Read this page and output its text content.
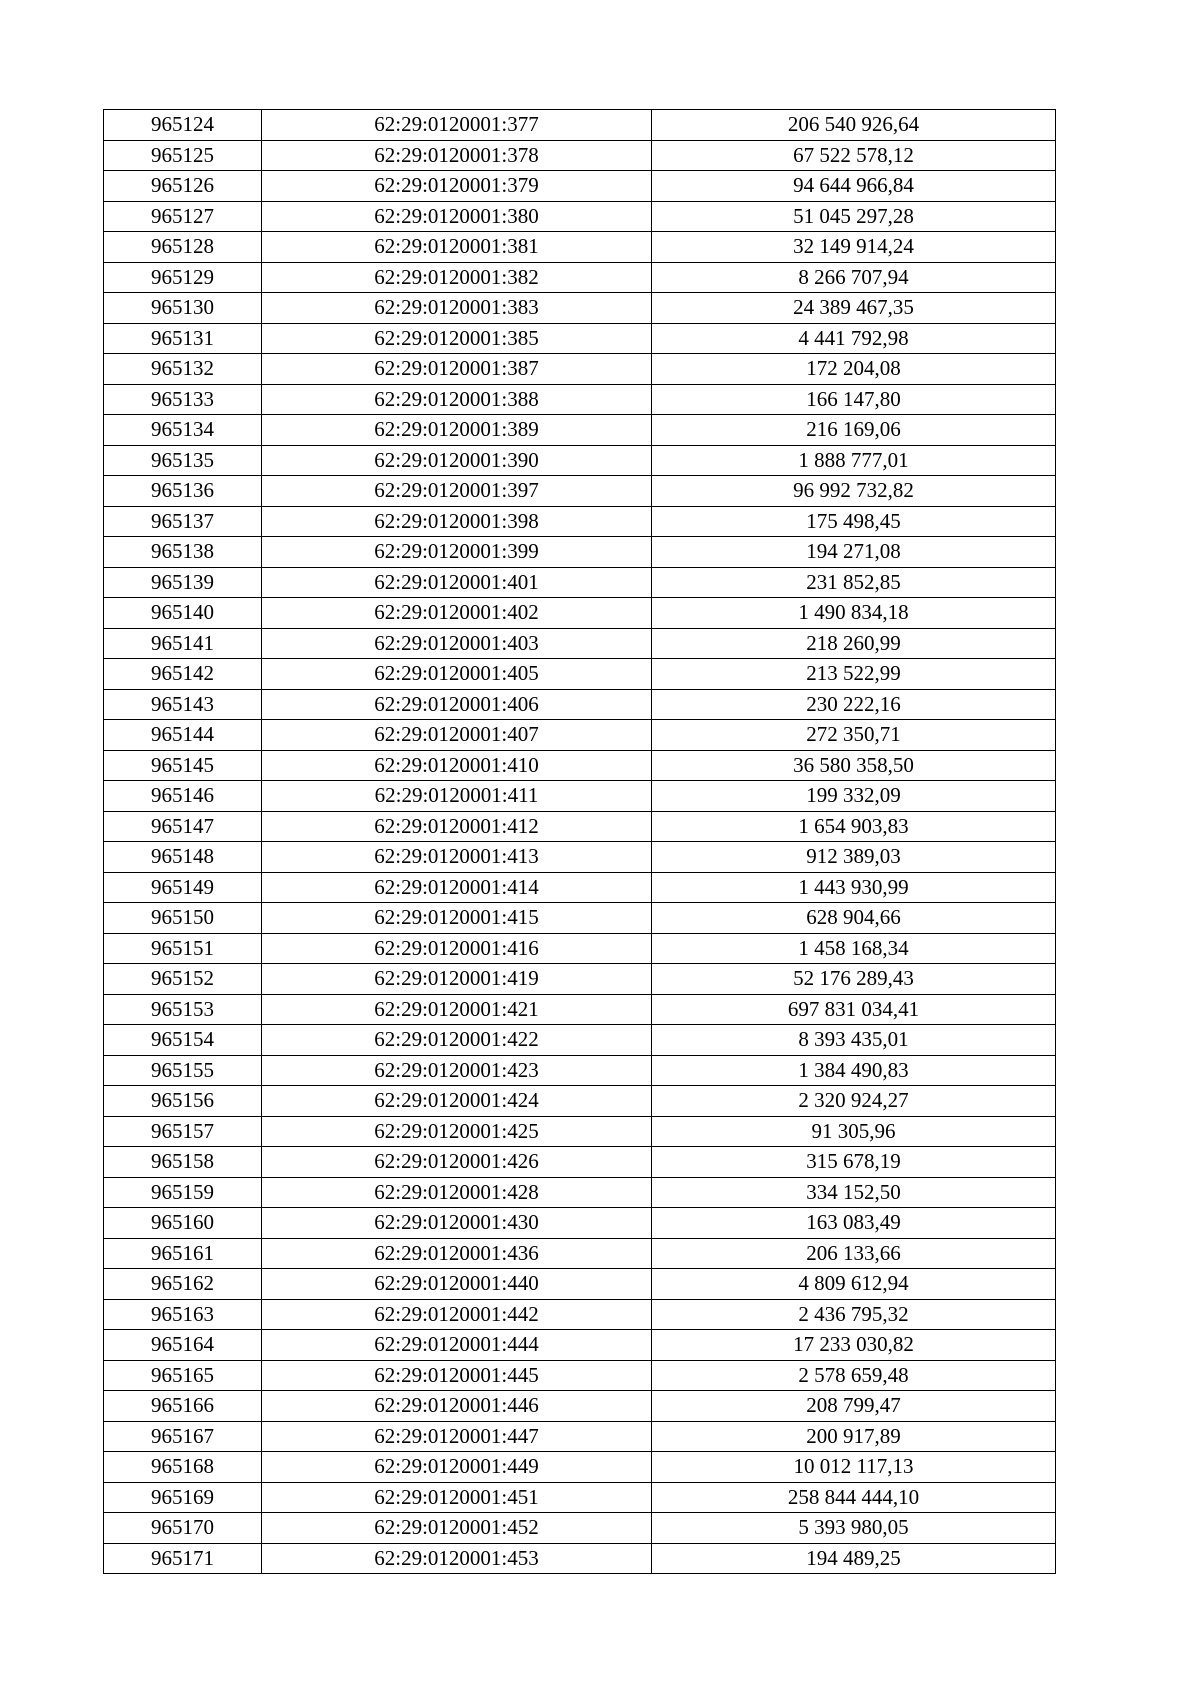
965124	62:29:0120001:377	206 540 926,64
965125	62:29:0120001:378	67 522 578,12
965126	62:29:0120001:379	94 644 966,84
965127	62:29:0120001:380	51 045 297,28
965128	62:29:0120001:381	32 149 914,24
965129	62:29:0120001:382	8 266 707,94
965130	62:29:0120001:383	24 389 467,35
965131	62:29:0120001:385	4 441 792,98
965132	62:29:0120001:387	172 204,08
965133	62:29:0120001:388	166 147,80
965134	62:29:0120001:389	216 169,06
965135	62:29:0120001:390	1 888 777,01
965136	62:29:0120001:397	96 992 732,82
965137	62:29:0120001:398	175 498,45
965138	62:29:0120001:399	194 271,08
965139	62:29:0120001:401	231 852,85
965140	62:29:0120001:402	1 490 834,18
965141	62:29:0120001:403	218 260,99
965142	62:29:0120001:405	213 522,99
965143	62:29:0120001:406	230 222,16
965144	62:29:0120001:407	272 350,71
965145	62:29:0120001:410	36 580 358,50
965146	62:29:0120001:411	199 332,09
965147	62:29:0120001:412	1 654 903,83
965148	62:29:0120001:413	912 389,03
965149	62:29:0120001:414	1 443 930,99
965150	62:29:0120001:415	628 904,66
965151	62:29:0120001:416	1 458 168,34
965152	62:29:0120001:419	52 176 289,43
965153	62:29:0120001:421	697 831 034,41
965154	62:29:0120001:422	8 393 435,01
965155	62:29:0120001:423	1 384 490,83
965156	62:29:0120001:424	2 320 924,27
965157	62:29:0120001:425	91 305,96
965158	62:29:0120001:426	315 678,19
965159	62:29:0120001:428	334 152,50
965160	62:29:0120001:430	163 083,49
965161	62:29:0120001:436	206 133,66
965162	62:29:0120001:440	4 809 612,94
965163	62:29:0120001:442	2 436 795,32
965164	62:29:0120001:444	17 233 030,82
965165	62:29:0120001:445	2 578 659,48
965166	62:29:0120001:446	208 799,47
965167	62:29:0120001:447	200 917,89
965168	62:29:0120001:449	10 012 117,13
965169	62:29:0120001:451	258 844 444,10
965170	62:29:0120001:452	5 393 980,05
965171	62:29:0120001:453	194 489,25
